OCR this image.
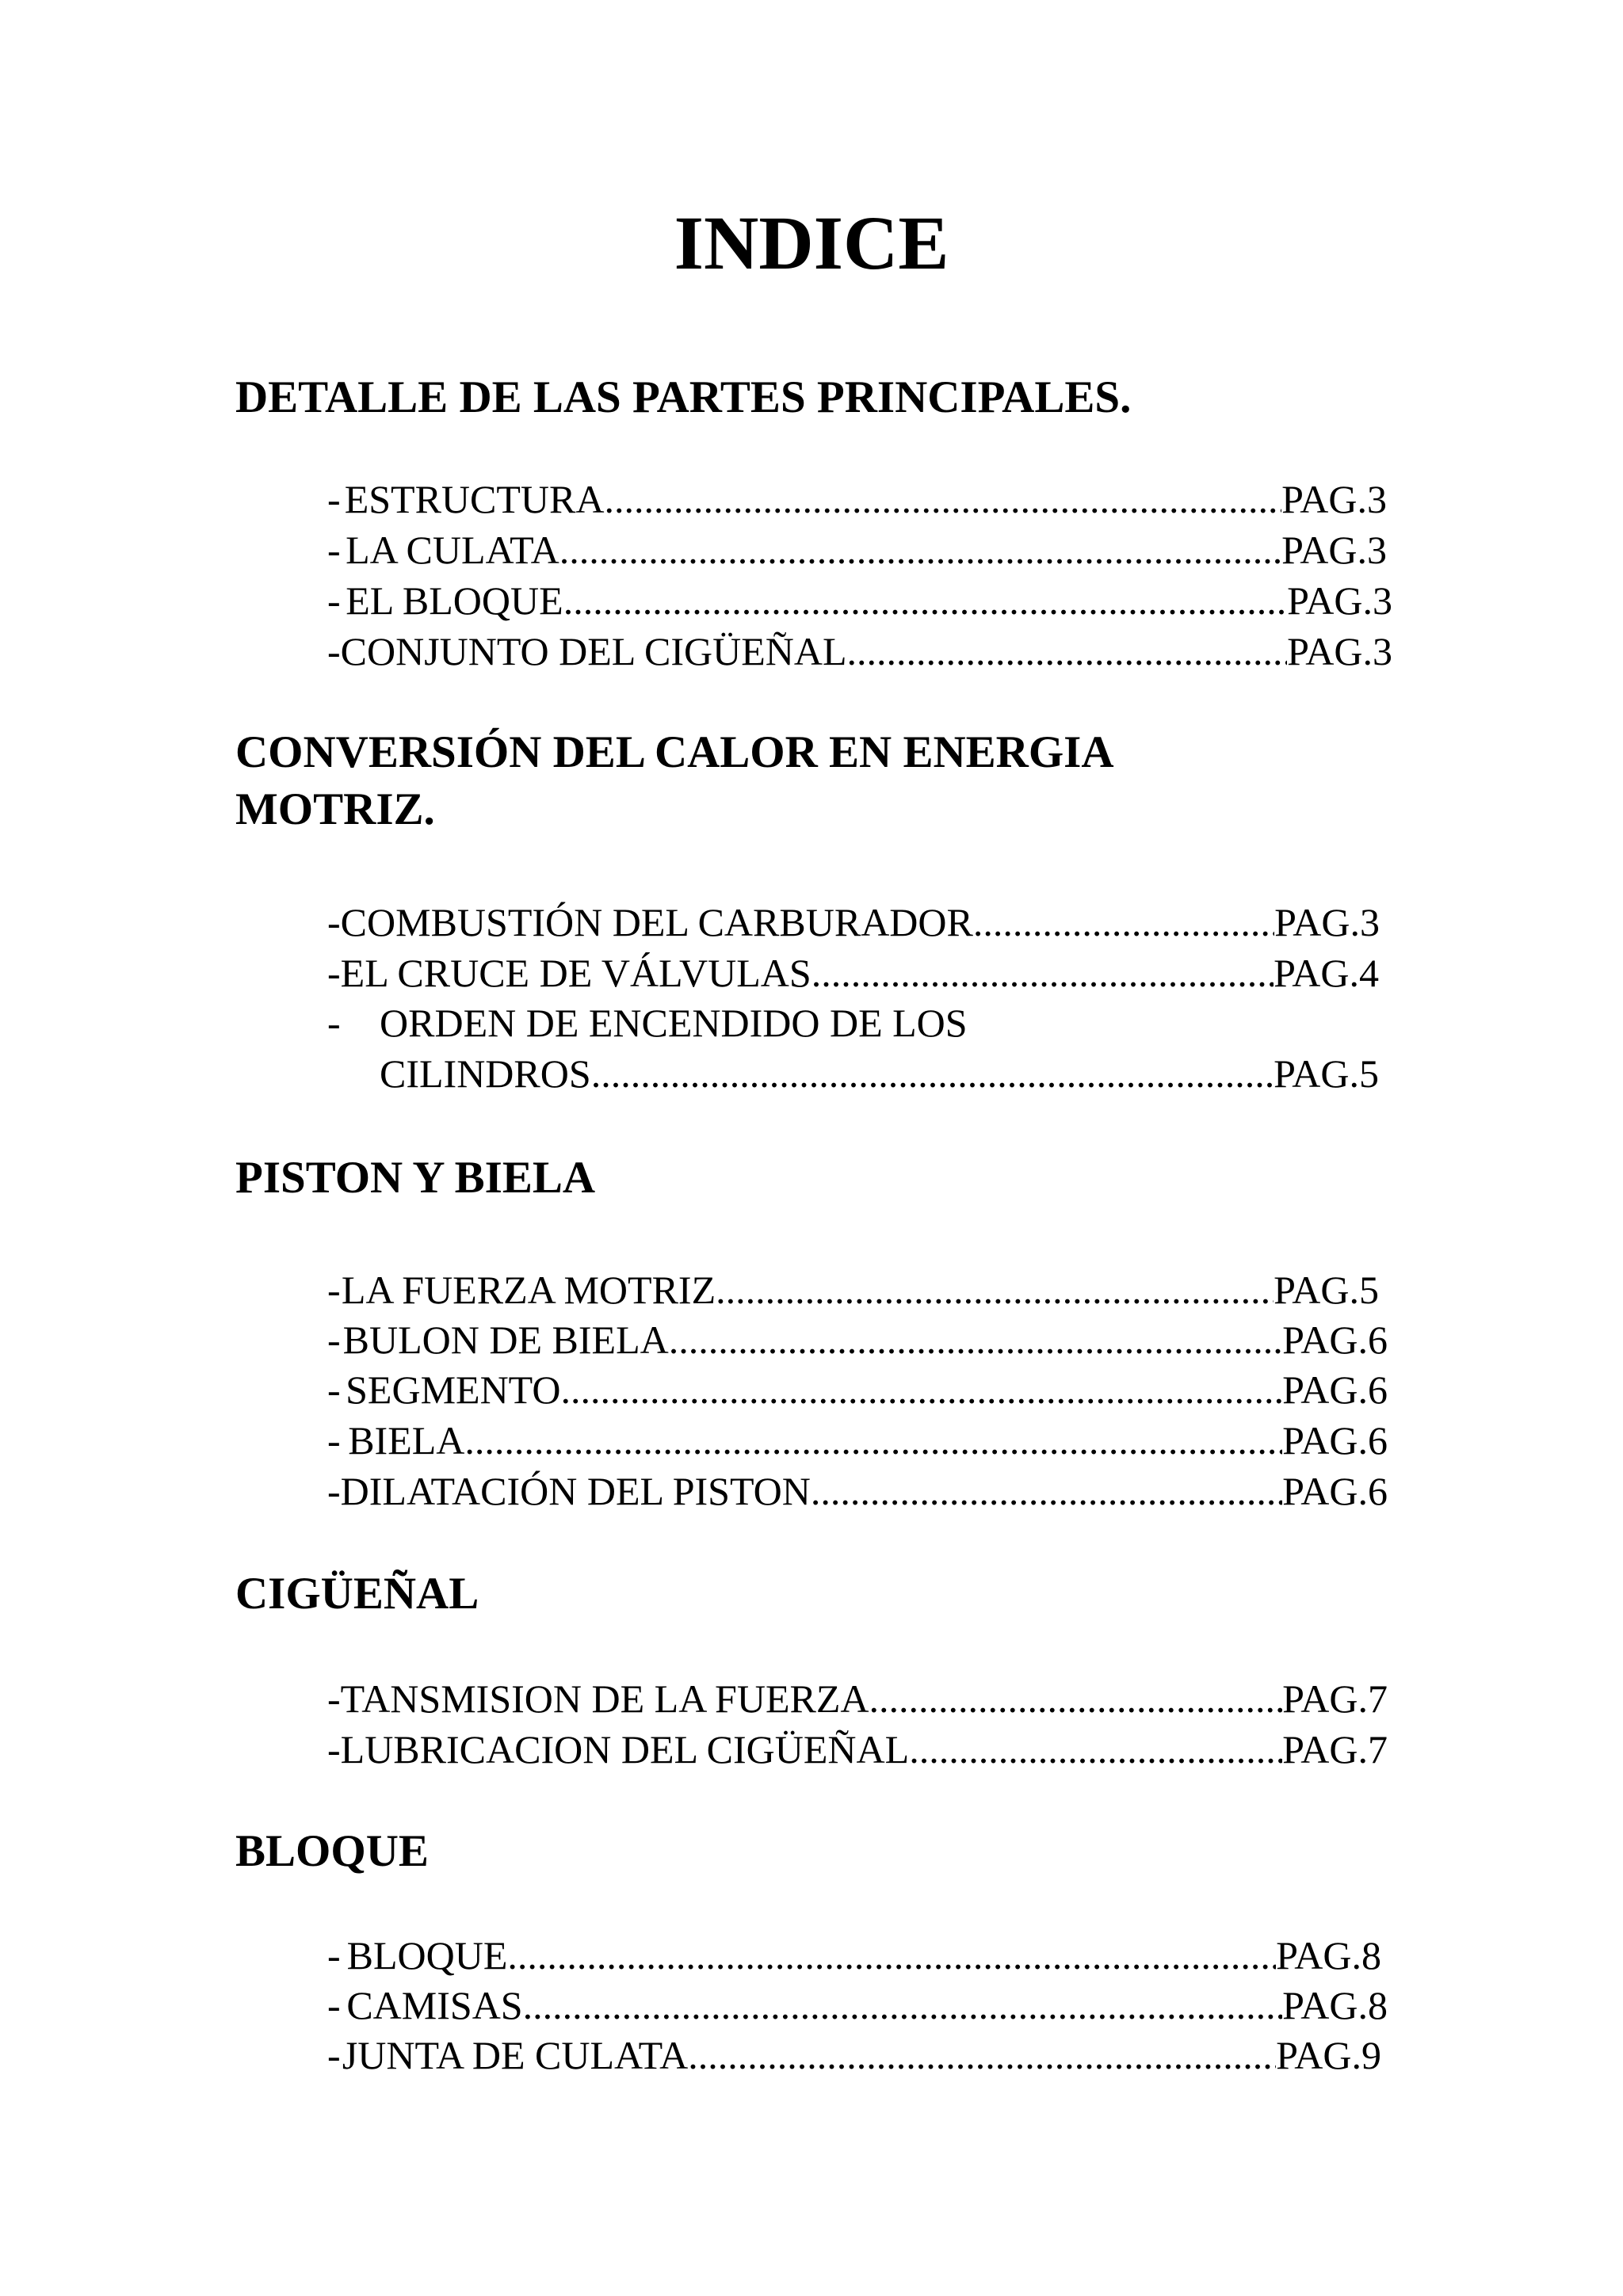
INDICE
DETALLE DE LAS PARTES PRINCIPALES.
- ESTRUCTURA .....	PAG.3
- LA CULATA .....	PAG.3
- EL BLOQUE .....	PAG.3
- CONJUNTO DEL CIGÜEÑAL .....	PAG.3
CONVERSIÓN DEL CALOR EN ENERGIA
MOTRIZ.
- COMBUSTIÓN DEL CARBURADOR .....	PAG.3
- EL CRUCE DE VÁLVULAS .....	PAG.4
- ORDEN DE ENCENDIDO DE LOS
CILINDROS .....	PAG.5
PISTON Y BIELA
- LA FUERZA MOTRIZ .....	PAG.5
- BULON DE BIELA .....	PAG.6
- SEGMENTO .....	PAG.6
- BIELA .....	PAG.6
- DILATACIÓN DEL PISTON .....	PAG.6
CIGÜEÑAL
- TANSMISION DE LA FUERZA .....	PAG.7
- LUBRICACION DEL CIGÜEÑAL .....	PAG.7
BLOQUE
- BLOQUE .....	PAG.8
- CAMISAS .....	PAG.8
- JUNTA DE CULATA .....	PAG.9
